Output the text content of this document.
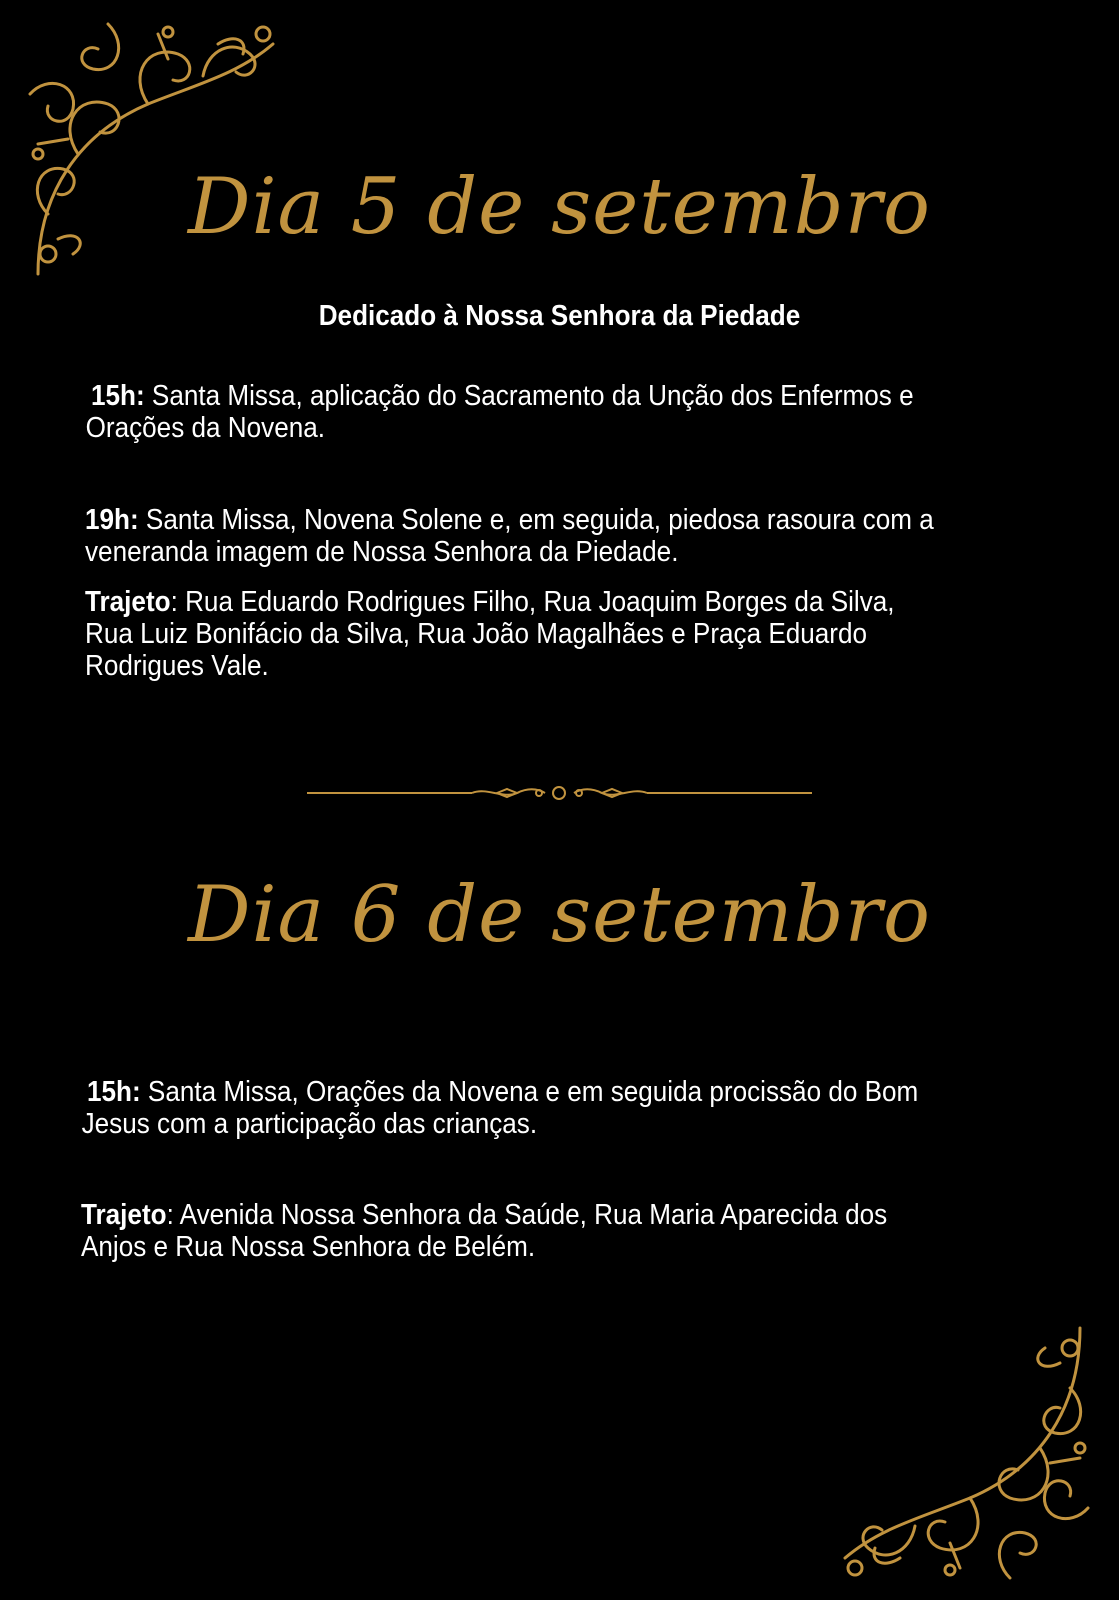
Dia 5 de setembro
Dedicado à Nossa Senhora da Piedade
15h: Santa Missa, aplicação do Sacramento da Unção dos Enfermos e
Orações da Novena.
19h: Santa Missa, Novena Solene e, em seguida, piedosa rasoura com a
veneranda imagem de Nossa Senhora da Piedade.
Trajeto: Rua Eduardo Rodrigues Filho, Rua Joaquim Borges da Silva,
Rua Luiz Bonifácio da Silva, Rua João Magalhães e Praça Eduardo
Rodrigues Vale.
Dia 6 de setembro
15h: Santa Missa, Orações da Novena e em seguida procissão do Bom
Jesus com a participação das crianças.
Trajeto: Avenida Nossa Senhora da Saúde, Rua Maria Aparecida dos
Anjos e Rua Nossa Senhora de Belém.
